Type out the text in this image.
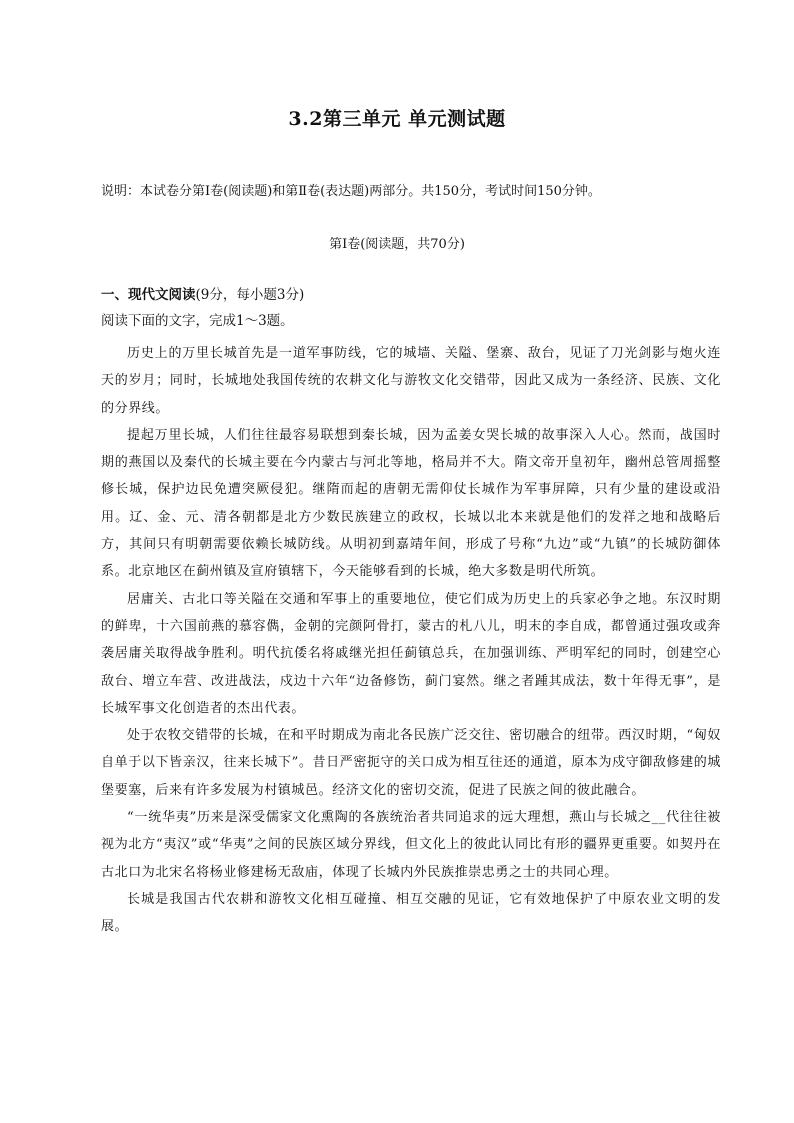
3.2第三单元 单元测试题
说明：本试卷分第Ⅰ卷(阅读题)和第Ⅱ卷(表达题)两部分。共150分，考试时间150分钟。
第Ⅰ卷(阅读题，共70分)
一、现代文阅读(9分，每小题3分)
阅读下面的文字，完成1～3题。

历史上的万里长城首先是一道军事防线，它的城墙、关隘、堡寨、敌台，见证了刀光剑影与炮火连天的岁月；同时，长城地处我国传统的农耕文化与游牧文化交错带，因此又成为一条经济、民族、文化的分界线。

提起万里长城，人们往往最容易联想到秦长城，因为孟姜女哭长城的故事深入人心。然而，战国时期的燕国以及秦代的长城主要在今内蒙古与河北等地，格局并不大。隋文帝开皇初年，幽州总管周摇整修长城，保护边民免遭突厥侵犯。继隋而起的唐朝无需仰仗长城作为军事屏障，只有少量的建设或沿用。辽、金、元、清各朝都是北方少数民族建立的政权，长城以北本来就是他们的发祥之地和战略后方，其间只有明朝需要依赖长城防线。从明初到嘉靖年间，形成了号称“九边”或“九镇”的长城防御体系。北京地区在蓟州镇及宣府镇辖下，今天能够看到的长城，绝大多数是明代所筑。

居庸关、古北口等关隘在交通和军事上的重要地位，使它们成为历史上的兵家必争之地。东汉时期的鲜卑，十六国前燕的慕容儁，金朝的完颜阿骨打，蒙古的札八儿，明末的李自成，都曾通过强攻或奔袭居庸关取得战争胜利。明代抗倭名将戚继光担任蓟镇总兵，在加强训练、严明军纪的同时，创建空心敌台、增立车营、改进战法，戍边十六年“边备修饬，蓟门宴然。继之者踵其成法，数十年得无事”，是长城军事文化创造者的杰出代表。

处于农牧交错带的长城，在和平时期成为南北各民族广泛交往、密切融合的纽带。西汉时期，“匈奴自单于以下皆亲汉，往来长城下”。昔日严密扼守的关口成为相互往还的通道，原本为戍守御敌修建的城堡要塞，后来有许多发展为村镇城邑。经济文化的密切交流，促进了民族之间的彼此融合。

“一统华夷”历来是深受儒家文化熏陶的各族统治者共同追求的远大理想，燕山与长城之__代往往被视为北方“夷汉”或“华夷”之间的民族区域分界线，但文化上的彼此认同比有形的疆界更重要。如契丹在古北口为北宋名将杨业修建杨无敌庙，体现了长城内外民族推崇忠勇之士的共同心理。

长城是我国古代农耕和游牧文化相互碰撞、相互交融的见证，它有效地保护了中原农业文明的发展。
